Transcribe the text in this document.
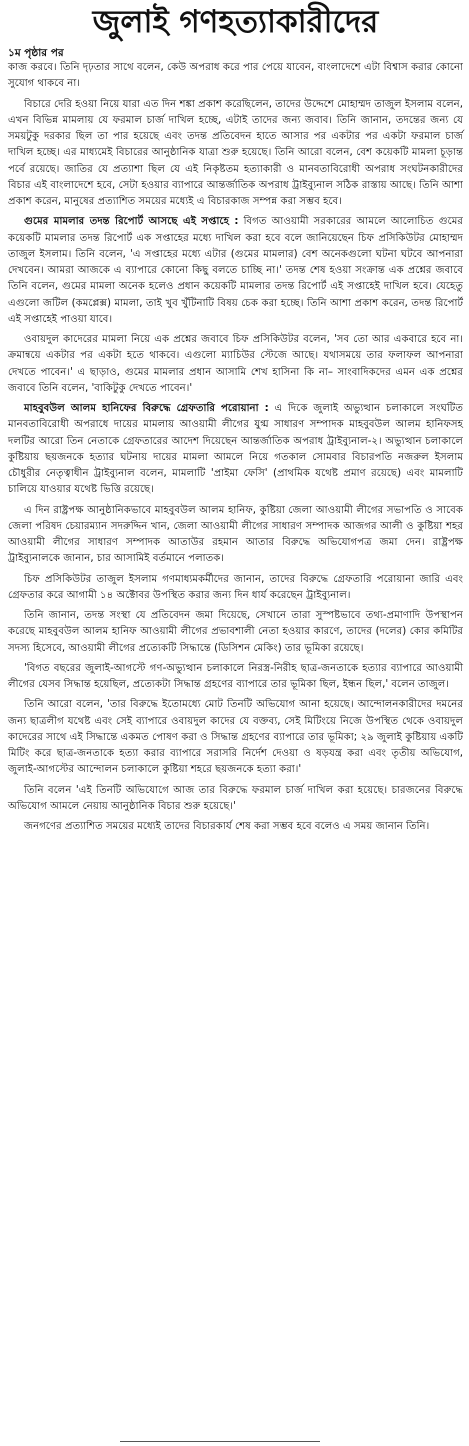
জুলাই গণহত্যাকারীদের
১ম পৃষ্ঠার পর

কাজ করবে। তিনি দৃঢ়তার সাথে বলেন, কেউ অপরাধ করে পার পেয়ে যাবেন, বাংলাদেশে এটা বিশ্বাস করার কোনো সুযোগ থাকবে না।

বিচারে দেরি হওয়া নিয়ে যারা এত দিন শঙ্কা প্রকাশ করেছিলেন, তাদের উদ্দেশে মোহাম্মদ তাজুল ইসলাম বলেন, এখন বিভিন্ন মামলায় যে ফরমাল চার্জ দাখিল হচ্ছে, এটাই তাদের জন্য জবাব। তিনি জানান, তদন্তের জন্য যে সময়টুকু দরকার ছিল তা পার হয়েছে এবং তদন্ত প্রতিবেদন হাতে আসার পর একটার পর একটা ফরমাল চার্জ দাখিল হচ্ছে। এর মাধ্যমেই বিচারের আনুষ্ঠানিক যাত্রা শুরু হয়েছে। তিনি আরো বলেন, বেশ কয়েকটি মামলা চূড়ান্ত পর্বে রয়েছে। জাতির যে প্রত্যাশা ছিল যে এই নিকৃষ্টতম হত্যাকারী ও মানবতাবিরোধী অপরাধ সংঘটনকারীদের বিচার এই বাংলাদেশে হবে, সেটা হওয়ার ব্যাপারে আন্তর্জাতিক অপরাধ ট্রাইব্যুনাল সঠিক রাস্তায় আছে। তিনি আশা প্রকাশ করেন, মানুষের প্রত্যাশিত সময়ের মধ্যেই এ বিচারকাজ সম্পন্ন করা সম্ভব হবে।

গুমের মামলার তদন্ত রিপোর্ট আসছে এই সপ্তাহে : বিগত আওয়ামী সরকারের আমলে আলোচিত গুমের কয়েকটি মামলার তদন্ত রিপোর্ট এক সপ্তাহের মধ্যে দাখিল করা হবে বলে জানিয়েছেন চিফ প্রসিকিউটর মোহাম্মদ তাজুল ইসলাম। তিনি বলেন, 'এ সপ্তাহের মধ্যে এটার (গুমের মামলার) বেশ অনেকগুলো ঘটনা ঘটবে আপনারা দেখবেন। আমরা আজকে এ ব্যাপারে কোনো কিছু বলতে চাচ্ছি না।' তদন্ত শেষ হওয়া সংক্রান্ত এক প্রশ্নের জবাবে তিনি বলেন, গুমের মামলা অনেক হলেও প্রধান কয়েকটি মামলার তদন্ত রিপোর্ট এই সপ্তাহেই দাখিল হবে। যেহেতু এগুলো জটিল (কমপ্লেক্স) মামলা, তাই খুব খুঁটিনাটি বিষয় চেক করা হচ্ছে। তিনি আশা প্রকাশ করেন, তদন্ত রিপোর্ট এই সপ্তাহেই পাওয়া যাবে।

ওবায়দুল কাদেরের মামলা নিয়ে এক প্রশ্নের জবাবে চিফ প্রসিকিউটর বলেন, 'সব তো আর একবারে হবে না। ক্রমান্বয়ে একটার পর একটা হতে থাকবে। এগুলো ম্যাচিউর স্টেজে আছে। যথাসময়ে তার ফলাফল আপনারা দেখতে পাবেন।' এ ছাড়াও, গুমের মামলার প্রধান আসামি শেখ হাসিনা কি না– সাংবাদিকদের এমন এক প্রশ্নের জবাবে তিনি বলেন, 'বাকিটুকু দেখতে পাবেন।'

মাহবুবউল আলম হানিফের বিরুদ্ধে গ্রেফতারি পরোয়ানা : এ দিকে জুলাই অভ্যুত্থান চলাকালে সংঘটিত মানবতাবিরোধী অপরাধে দায়ের মামলায় আওয়ামী লীগের যুগ্ম সাধারণ সম্পাদক মাহবুবউল আলম হানিফসহ দলটির আরো তিন নেতাকে গ্রেফতারের আদেশ দিয়েছেন আন্তর্জাতিক অপরাধ ট্রাইব্যুনাল-২। অভ্যুত্থান চলাকালে কুষ্টিয়ায় ছয়জনকে হত্যার ঘটনায় দায়ের মামলা আমলে নিয়ে গতকাল সোমবার বিচারপতি নজরুল ইসলাম চৌধুরীর নেতৃত্বাধীন ট্রাইব্যুনাল বলেন, মামলাটি 'প্রাইমা ফেসি' (প্রাথমিক যথেষ্ট প্রমাণ রয়েছে) এবং মামলাটি চালিয়ে যাওয়ার যথেষ্ট ভিত্তি রয়েছে।

এ দিন রাষ্ট্রপক্ষ আনুষ্ঠানিকভাবে মাহবুবউল আলম হানিফ, কুষ্টিয়া জেলা আওয়ামী লীগের সভাপতি ও সাবেক জেলা পরিষদ চেয়ারম্যান সদরুদ্দিন খান, জেলা আওয়ামী লীগের সাধারণ সম্পাদক আজগর আলী ও কুষ্টিয়া শহর আওয়ামী লীগের সাধারণ সম্পাদক আতাউর রহমান আতার বিরুদ্ধে অভিযোগপত্র জমা দেন। রাষ্ট্রপক্ষ ট্রাইব্যুনালকে জানান, চার আসামিই বর্তমানে পলাতক।

চিফ প্রসিকিউটর তাজুল ইসলাম গণমাধ্যমকর্মীদের জানান, তাদের বিরুদ্ধে গ্রেফতারি পরোয়ানা জারি এবং গ্রেফতার করে আগামী ১৪ অক্টোবর উপস্থিত করার জন্য দিন ধার্য করেছেন ট্রাইব্যুনাল।

তিনি জানান, তদন্ত সংস্থা যে প্রতিবেদন জমা দিয়েছে, সেখানে তারা সুস্পষ্টভাবে তথ্য-প্রমাণাদি উপস্থাপন করেছে মাহবুবউল আলম হানিফ আওয়ামী লীগের প্রভাবশালী নেতা হওয়ার কারণে, তাদের (দলের) কোর কমিটির সদস্য হিসেবে, আওয়ামী লীগের প্রত্যেকটি সিদ্ধান্তে (ডিসিশন মেকিং) তার ভূমিকা রয়েছে।

'বিগত বছরের জুলাই-আগস্টে গণ-অভ্যুত্থান চলাকালে নিরস্ত্র-নিরীহ ছাত্র-জনতাকে হত্যার ব্যাপারে আওয়ামী লীগের যেসব সিদ্ধান্ত হয়েছিল, প্রত্যেকটা সিদ্ধান্ত গ্রহণের ব্যাপারে তার ভূমিকা ছিল, ইন্ধন ছিল,' বলেন তাজুল।

তিনি আরো বলেন, 'তার বিরুদ্ধে ইতোমধ্যে মোট তিনটি অভিযোগ আনা হয়েছে। আন্দোলনকারীদের দমনের জন্য ছাত্রলীগ যথেষ্ট এবং সেই ব্যাপারে ওবায়দুল কাদের যে বক্তব্য, সেই মিটিংয়ে নিজে উপস্থিত থেকে ওবায়দুল কাদেরের সাথে এই সিদ্ধান্তে একমত পোষণ করা ও সিদ্ধান্ত গ্রহণের ব্যাপারে তার ভূমিকা; ২৯ জুলাই কুষ্টিয়ায় একটি মিটিং করে ছাত্র-জনতাকে হত্যা করার ব্যাপারে সরাসরি নির্দেশ দেওয়া ও ষড়যন্ত্র করা এবং তৃতীয় অভিযোগ, জুলাই-আগস্টের আন্দোলন চলাকালে কুষ্টিয়া শহরে ছয়জনকে হত্যা করা।'

তিনি বলেন 'এই তিনটি অভিযোগে আজ তার বিরুদ্ধে ফরমাল চার্জ দাখিল করা হয়েছে। চারজনের বিরুদ্ধে অভিযোগ আমলে নেয়ায় আনুষ্ঠানিক বিচার শুরু হয়েছে।'

জনগণের প্রত্যাশিত সময়ের মধ্যেই তাদের বিচারকার্য শেষ করা সম্ভব হবে বলেও এ সময় জানান তিনি।
